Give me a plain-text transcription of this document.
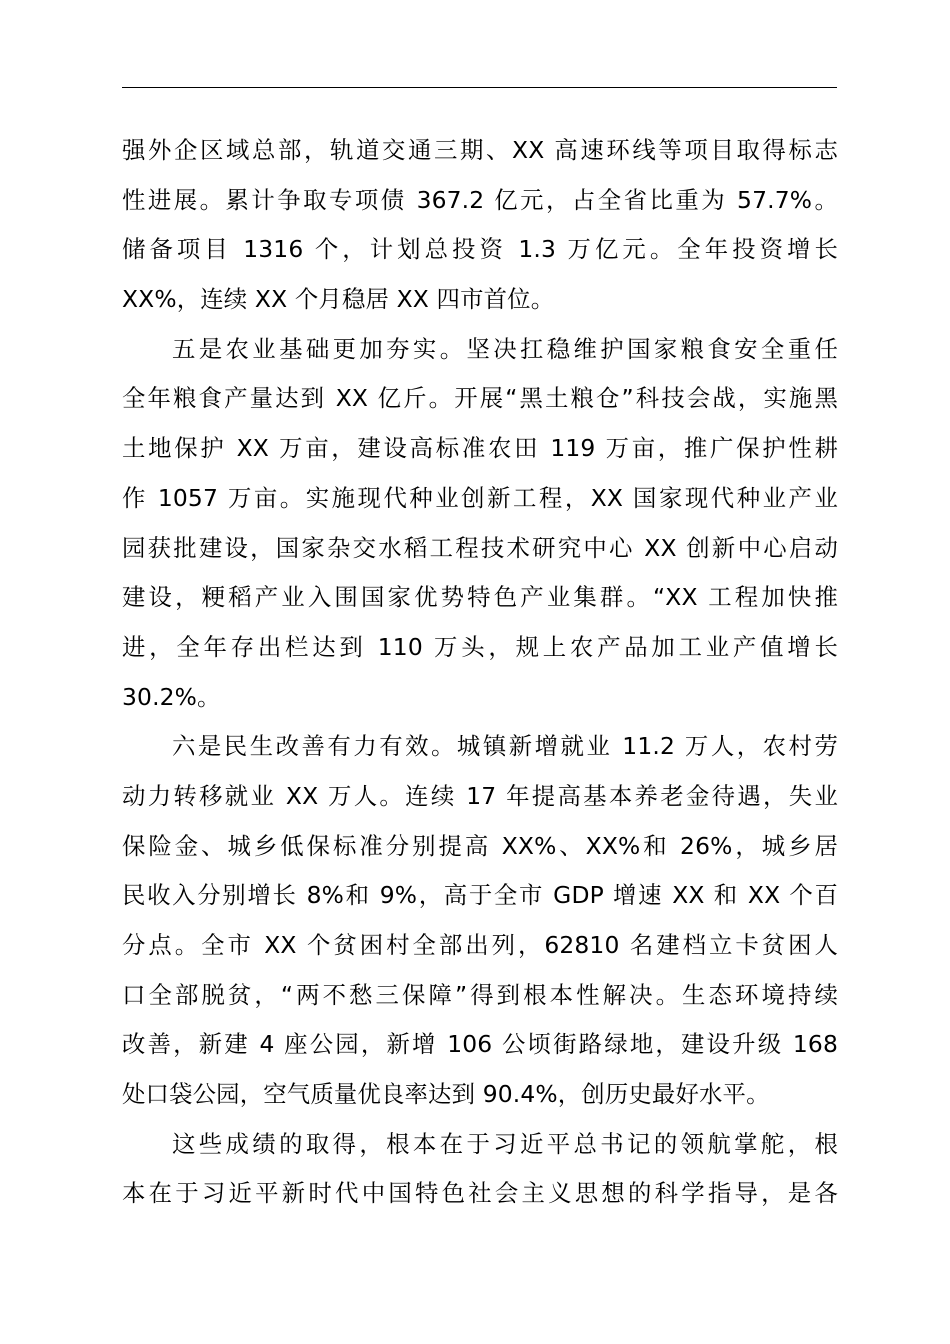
强外企区域总部，轨道交通三期、XX 高速环线等项目取得标志
性进展。累计争取专项债 367.2 亿元，占全省比重为 57.7%。
储备项目 1316 个，计划总投资 1.3 万亿元。全年投资增长
XX%，连续 XX 个月稳居 XX 四市首位。
五是农业基础更加夯实。坚决扛稳维护国家粮食安全重任
全年粮食产量达到 XX 亿斤。开展“黑土粮仓”科技会战，实施黑
土地保护 XX 万亩，建设高标准农田 119 万亩，推广保护性耕
作 1057 万亩。实施现代种业创新工程，XX 国家现代种业产业
园获批建设，国家杂交水稻工程技术研究中心 XX 创新中心启动
建设，粳稻产业入围国家优势特色产业集群。“XX 工程加快推
进，全年存出栏达到 110 万头，规上农产品加工业产值增长
30.2%。
六是民生改善有力有效。城镇新增就业 11.2 万人，农村劳
动力转移就业 XX 万人。连续 17 年提高基本养老金待遇，失业
保险金、城乡低保标准分别提高 XX%、XX%和 26%，城乡居
民收入分别增长 8%和 9%，高于全市 GDP 增速 XX 和 XX 个百
分点。全市 XX 个贫困村全部出列，62810 名建档立卡贫困人
口全部脱贫，“两不愁三保障”得到根本性解决。生态环境持续
改善，新建 4 座公园，新增 106 公顷街路绿地，建设升级 168
处口袋公园，空气质量优良率达到 90.4%，创历史最好水平。
这些成绩的取得，根本在于习近平总书记的领航掌舵，根
本在于习近平新时代中国特色社会主义思想的科学指导，是各
